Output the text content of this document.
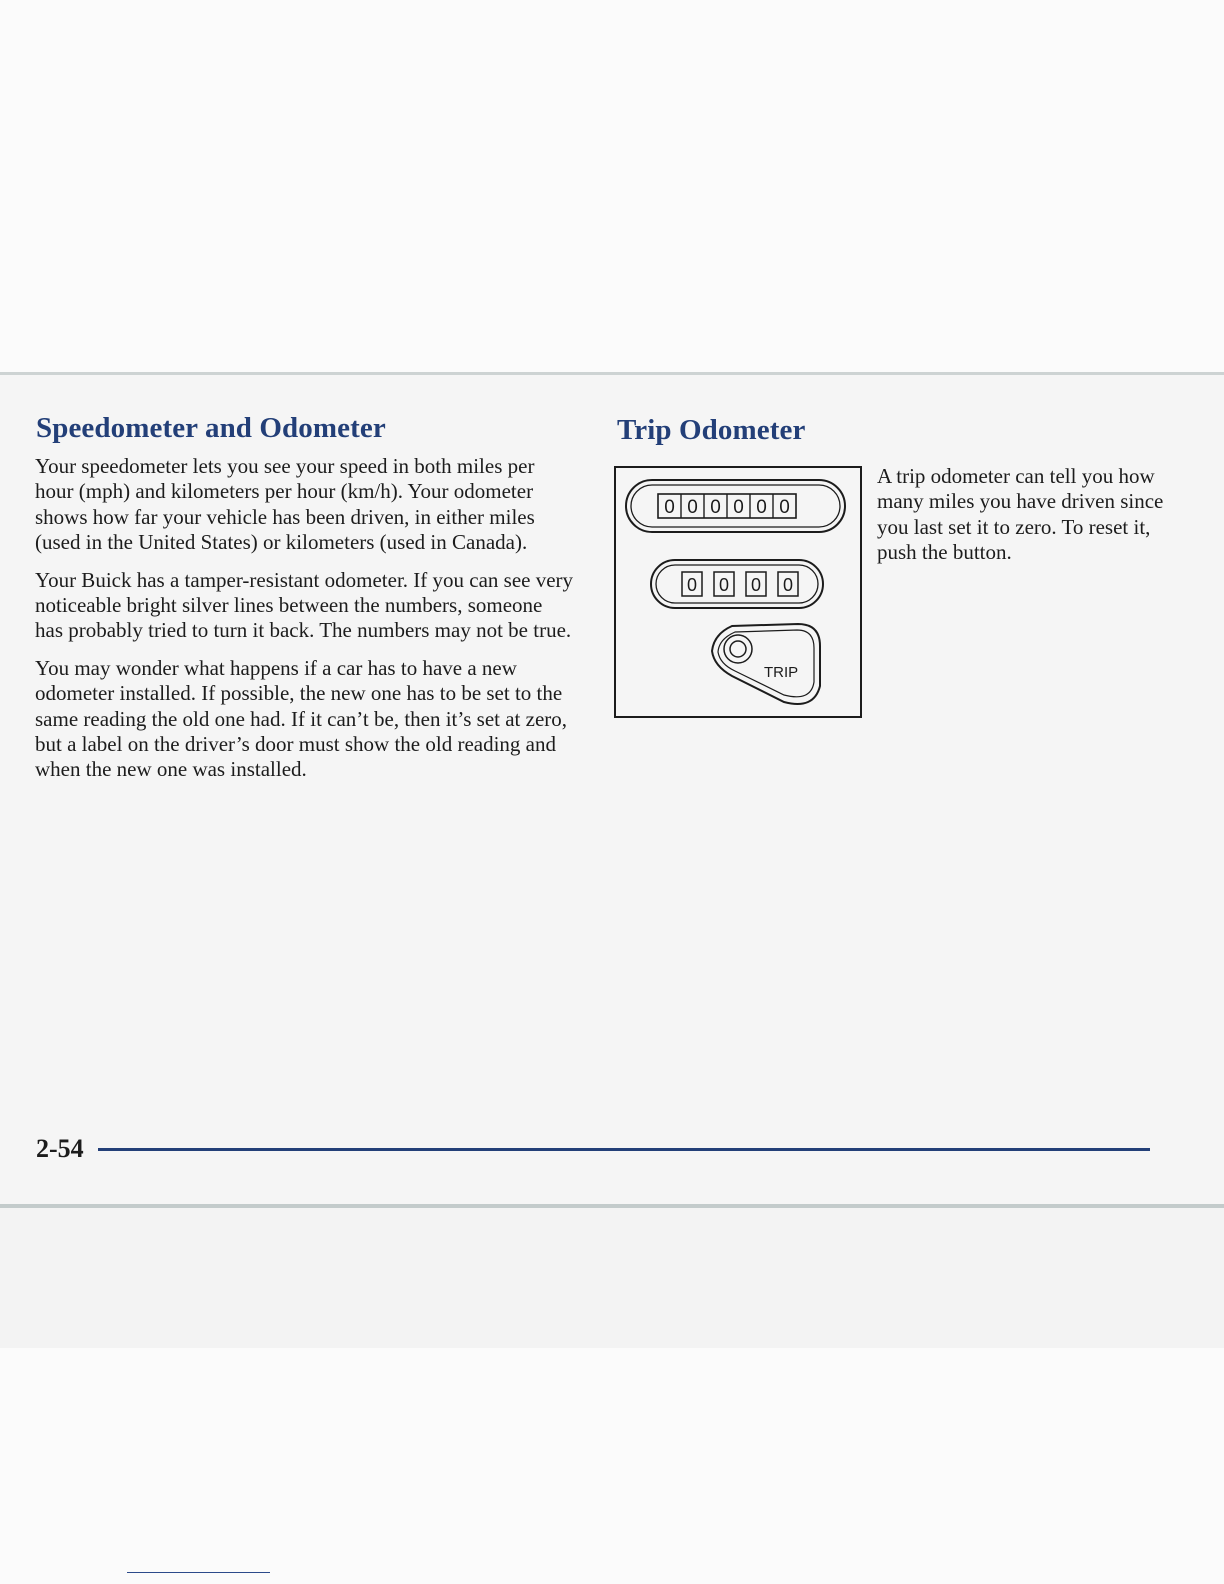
Speedometer and Odometer

Your speedometer lets you see your speed in both miles per hour (mph) and kilometers per hour (km/h). Your odometer shows how far your vehicle has been driven, in either miles (used in the United States) or kilometers (used in Canada).

Your Buick has a tamper-resistant odometer. If you can see very noticeable bright silver lines between the numbers, someone has probably tried to turn it back. The numbers may not be true.

You may wonder what happens if a car has to have a new odometer installed. If possible, the new one has to be set to the same reading the old one had. If it can’t be, then it’s set at zero, but a label on the driver’s door must show the old reading and when the new one was installed.

Trip Odometer
0 0 0 0 0 0
0 0 0 0
TRIP

A trip odometer can tell you how many miles you have driven since you last set it to zero. To reset it, push the button.

2-54
